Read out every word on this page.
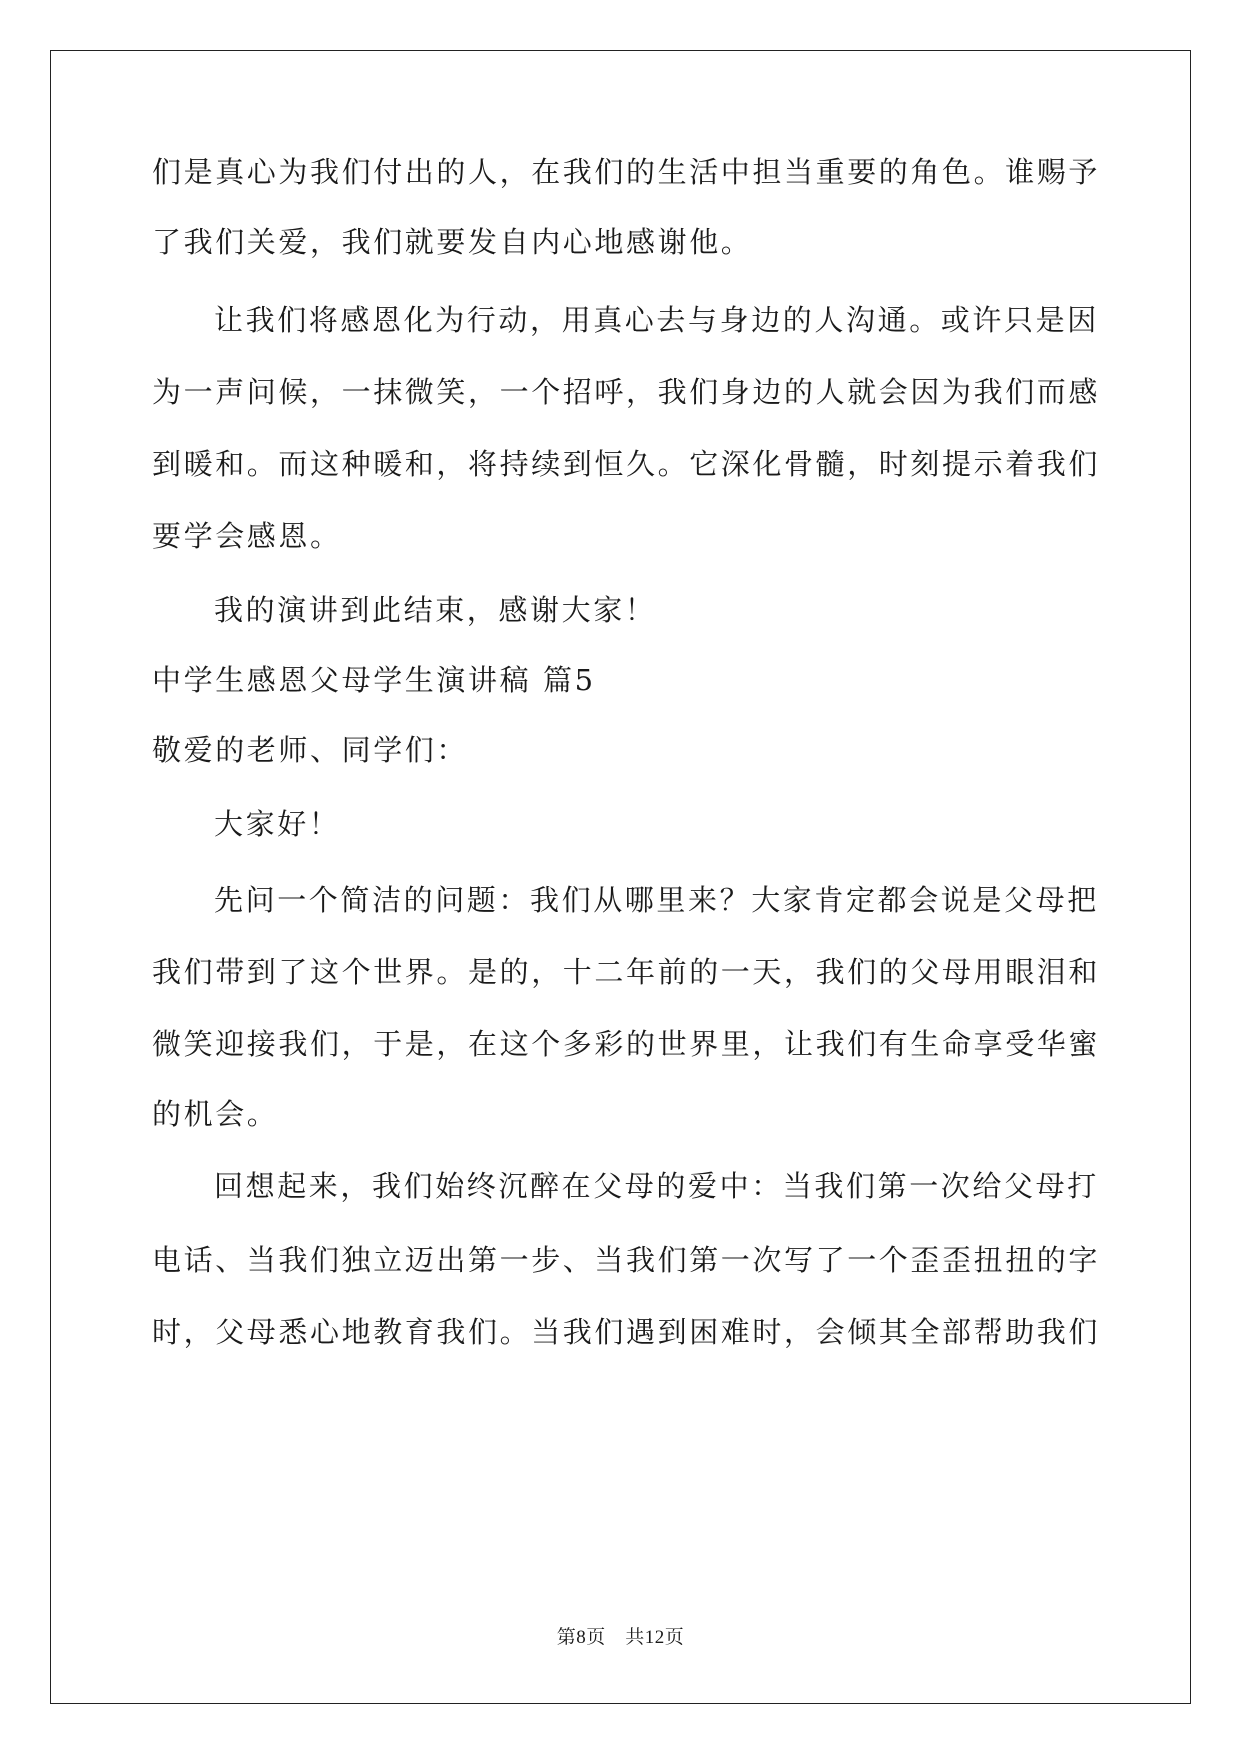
们是真心为我们付出的人，在我们的生活中担当重要的角色。谁赐予
了我们关爱，我们就要发自内心地感谢他。
让我们将感恩化为行动，用真心去与身边的人沟通。或许只是因
为一声问候，一抹微笑，一个招呼，我们身边的人就会因为我们而感
到暖和。而这种暖和，将持续到恒久。它深化骨髓，时刻提示着我们
要学会感恩。
我的演讲到此结束，感谢大家！
中学生感恩父母学生演讲稿 篇5
敬爱的老师、同学们：
大家好！
先问一个简洁的问题：我们从哪里来？大家肯定都会说是父母把
我们带到了这个世界。是的，十二年前的一天，我们的父母用眼泪和
微笑迎接我们，于是，在这个多彩的世界里，让我们有生命享受华蜜
的机会。
回想起来，我们始终沉醉在父母的爱中：当我们第一次给父母打
电话、当我们独立迈出第一步、当我们第一次写了一个歪歪扭扭的字
时，父母悉心地教育我们。当我们遇到困难时，会倾其全部帮助我们
第8页　共12页
